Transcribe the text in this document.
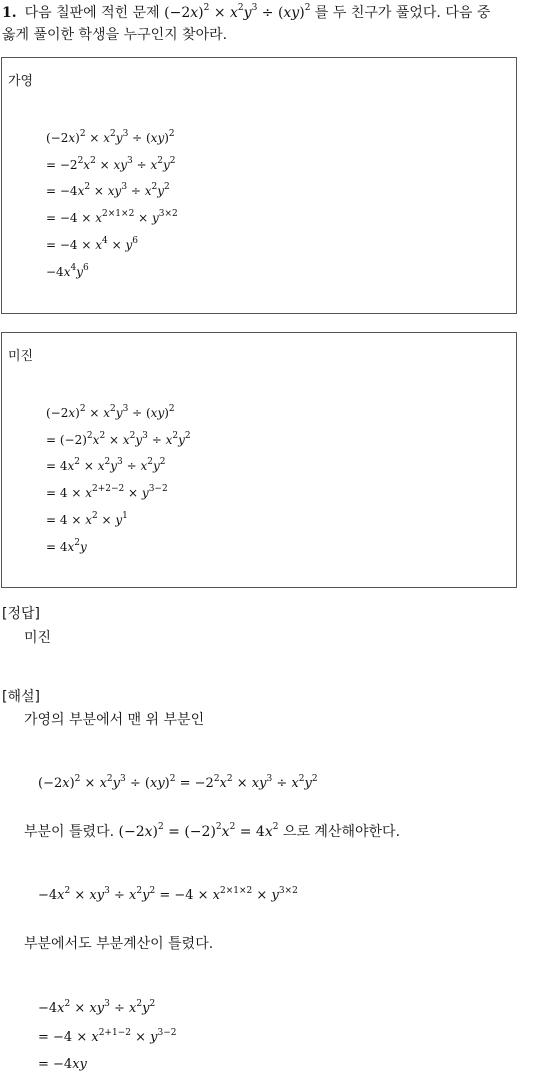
1. 다음 칠판에 적힌 문제 $(-2x)^2 \times x^2y^3 \div (xy)^2$ 를 두 친구가 풀었다. 다음 중
옳게 풀이한 학생을 누구인지 찾아라.
가영
$(-2x)^2 \times x^2y^3 \div (xy)^2$
= $-2^2x^2 \times xy^3 \div x^2y^2$
= $-4x^2 \times xy^3 \div x^2y^2$
= $-4 \times x^{2\times 1\times 2} \times y^{3\times 2}$
= $-4 \times x^4 \times y^6$
$-4x^4y^6$
미진
$(-2x)^2 \times x^2y^3 \div (xy)^2$
= $(-2)^2x^2 \times x^2y^3 \div x^2y^2$
= $4x^2 \times x^2y^3 \div x^2y^2$
= $4 \times x^{2+2-2} \times y^{3-2}$
= $4 \times x^2 \times y^1$
= $4x^2y$
[정답]
미진
[해설]
가영의 부분에서 맨 위 부분인
$(-2x)^2 \times x^2y^3 \div (xy)^2 = -2^2x^2 \times xy^3 \div x^2y^2$
부분이 틀렸다. $(-2x)^2 = (-2)^2x^2 = 4x^2$ 으로 계산해야한다.
$-4x^2 \times xy^3 \div x^2y^2 = -4 \times x^{2\times 1\times 2} \times y^{3\times 2}$
부분에서도 부분계산이 틀렸다.
$-4x^2 \times xy^3 \div x^2y^2$
= $-4 \times x^{2+1-2} \times y^{3-2}$
= −4xy
